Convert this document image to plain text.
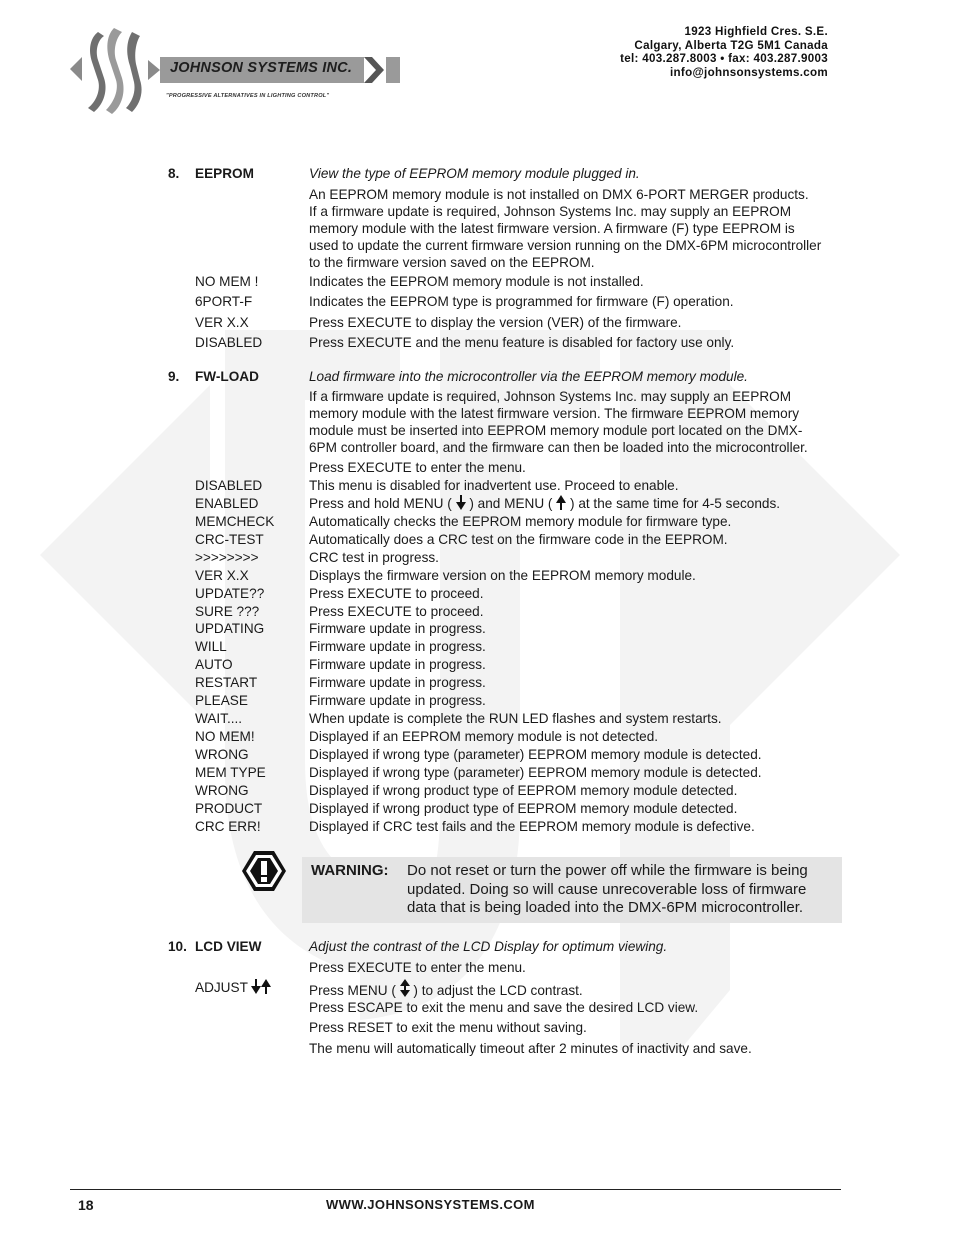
JOHNSON SYSTEMS INC.
"PROGRESSIVE ALTERNATIVES IN LIGHTING CONTROL"
1923 Highfield Cres. S.E.
Calgary, Alberta T2G 5M1 Canada
tel: 403.287.8003 • fax: 403.287.9003
info@johnsonsystems.com
8. EEPROM	View the type of EEPROM memory module plugged in.
An EEPROM memory module is not installed on DMX 6-PORT MERGER products.
If a firmware update is required, Johnson Systems Inc. may supply an EEPROM
memory module with the latest firmware version. A firmware (F) type EEPROM is
used to update the current firmware version running on the DMX-6PM microcontroller
to the firmware version saved on the EEPROM.
NO MEM !	Indicates the EEPROM memory module is not installed.
6PORT-F	Indicates the EEPROM type is programmed for firmware (F) operation.
VER X.X	Press EXECUTE to display the version (VER) of the firmware.
DISABLED	Press EXECUTE and the menu feature is disabled for factory use only.
9. FW-LOAD	Load firmware into the microcontroller via the EEPROM memory module.
If a firmware update is required, Johnson Systems Inc. may supply an EEPROM
memory module with the latest firmware version. The firmware EEPROM memory
module must be inserted into EEPROM memory module port located on the DMX-
6PM controller board, and the firmware can then be loaded into the microcontroller.
Press EXECUTE to enter the menu.
DISABLED	This menu is disabled for inadvertent use. Proceed to enable.
ENABLED	Press and hold MENU ( ) and MENU ( ) at the same time for 4-5 seconds.
MEMCHECK	Automatically checks the EEPROM memory module for firmware type.
CRC-TEST	Automatically does a CRC test on the firmware code in the EEPROM.
>>>>>>>>	CRC test in progress.
VER X.X	Displays the firmware version on the EEPROM memory module.
UPDATE??	Press EXECUTE to proceed.
SURE ???	Press EXECUTE to proceed.
UPDATING	Firmware update in progress.
WILL	Firmware update in progress.
AUTO	Firmware update in progress.
RESTART	Firmware update in progress.
PLEASE	Firmware update in progress.
WAIT....	When update is complete the RUN LED flashes and system restarts.
NO MEM!	Displayed if an EEPROM memory module is not detected.
WRONG	Displayed if wrong type (parameter) EEPROM memory module is detected.
MEM TYPE	Displayed if wrong type (parameter) EEPROM memory module is detected.
WRONG	Displayed if wrong product type of EEPROM memory module detected.
PRODUCT	Displayed if wrong product type of EEPROM memory module detected.
CRC ERR!	Displayed if CRC test fails and the EEPROM memory module is defective.
WARNING: Do not reset or turn the power off while the firmware is being
updated. Doing so will cause unrecoverable loss of firmware
data that is being loaded into the DMX-6PM microcontroller.
10. LCD VIEW	Adjust the contrast of the LCD Display for optimum viewing.
Press EXECUTE to enter the menu.
ADJUST	Press MENU ( ) to adjust the LCD contrast.
Press ESCAPE to exit the menu and save the desired LCD view.
Press RESET to exit the menu without saving.
The menu will automatically timeout after 2 minutes of inactivity and save.
18	WWW.JOHNSONSYSTEMS.COM
